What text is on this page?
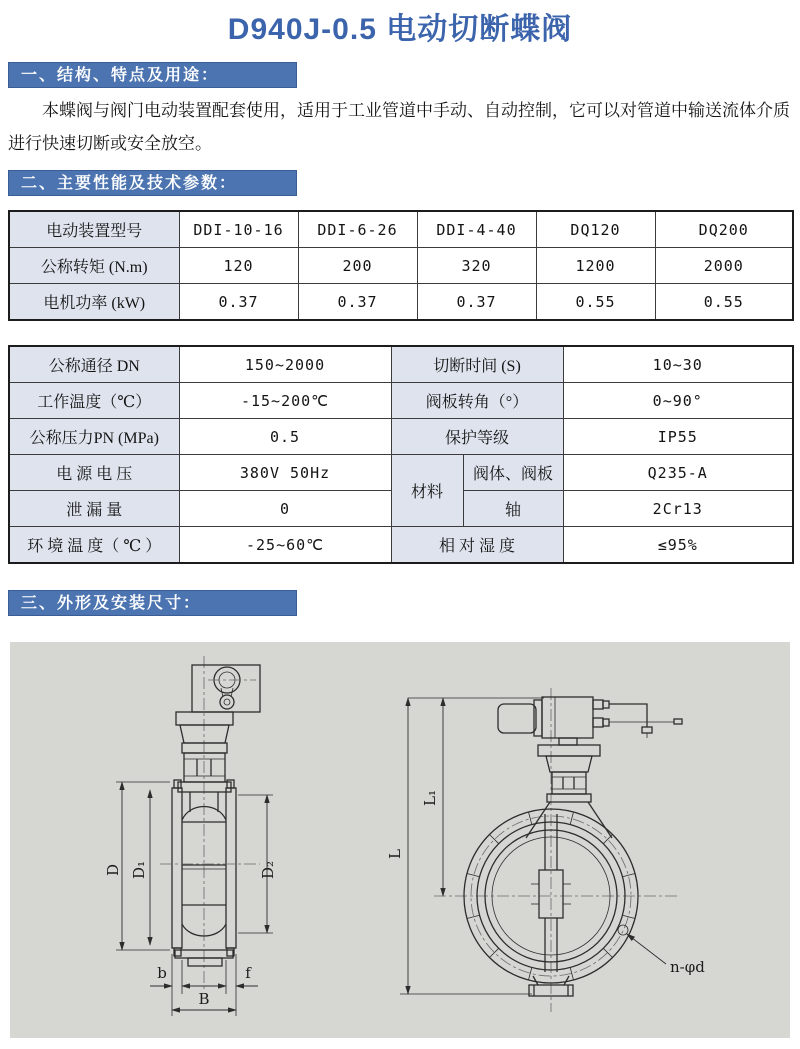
D940J-0.5 电动切断蝶阀
一、结构、特点及用途：

本蝶阀与阀门电动装置配套使用，适用于工业管道中手动、自动控制，它可以对管道中输送流体介质进行快速切断或安全放空。

二、主要性能及技术参数：
电动装置型号	DDI-10-16	DDI-6-26	DDI-4-40	DQ120	DQ200
公称转矩 (N.m)	120	200	320	1200	2000
电机功率 (kW)	0.37	0.37	0.37	0.55	0.55
公称通径 DN	150~2000	切断时间 (S)		10~30
工作温度（℃）	-15~200℃	阀板转角（°）		0~90°
公称压力PN (MPa)	0.5	保护等级		IP55
电 源 电 压	380V 50Hz	材料	阀体、阀板	Q235-A
泄 漏 量	0		轴	2Cr13
环 境 温 度（ ℃ ）	-25~60℃	相 对 湿 度		≤95%
三、外形及安装尺寸：
D D₁	D₂
b	f
B
L
L₁
n-φd
